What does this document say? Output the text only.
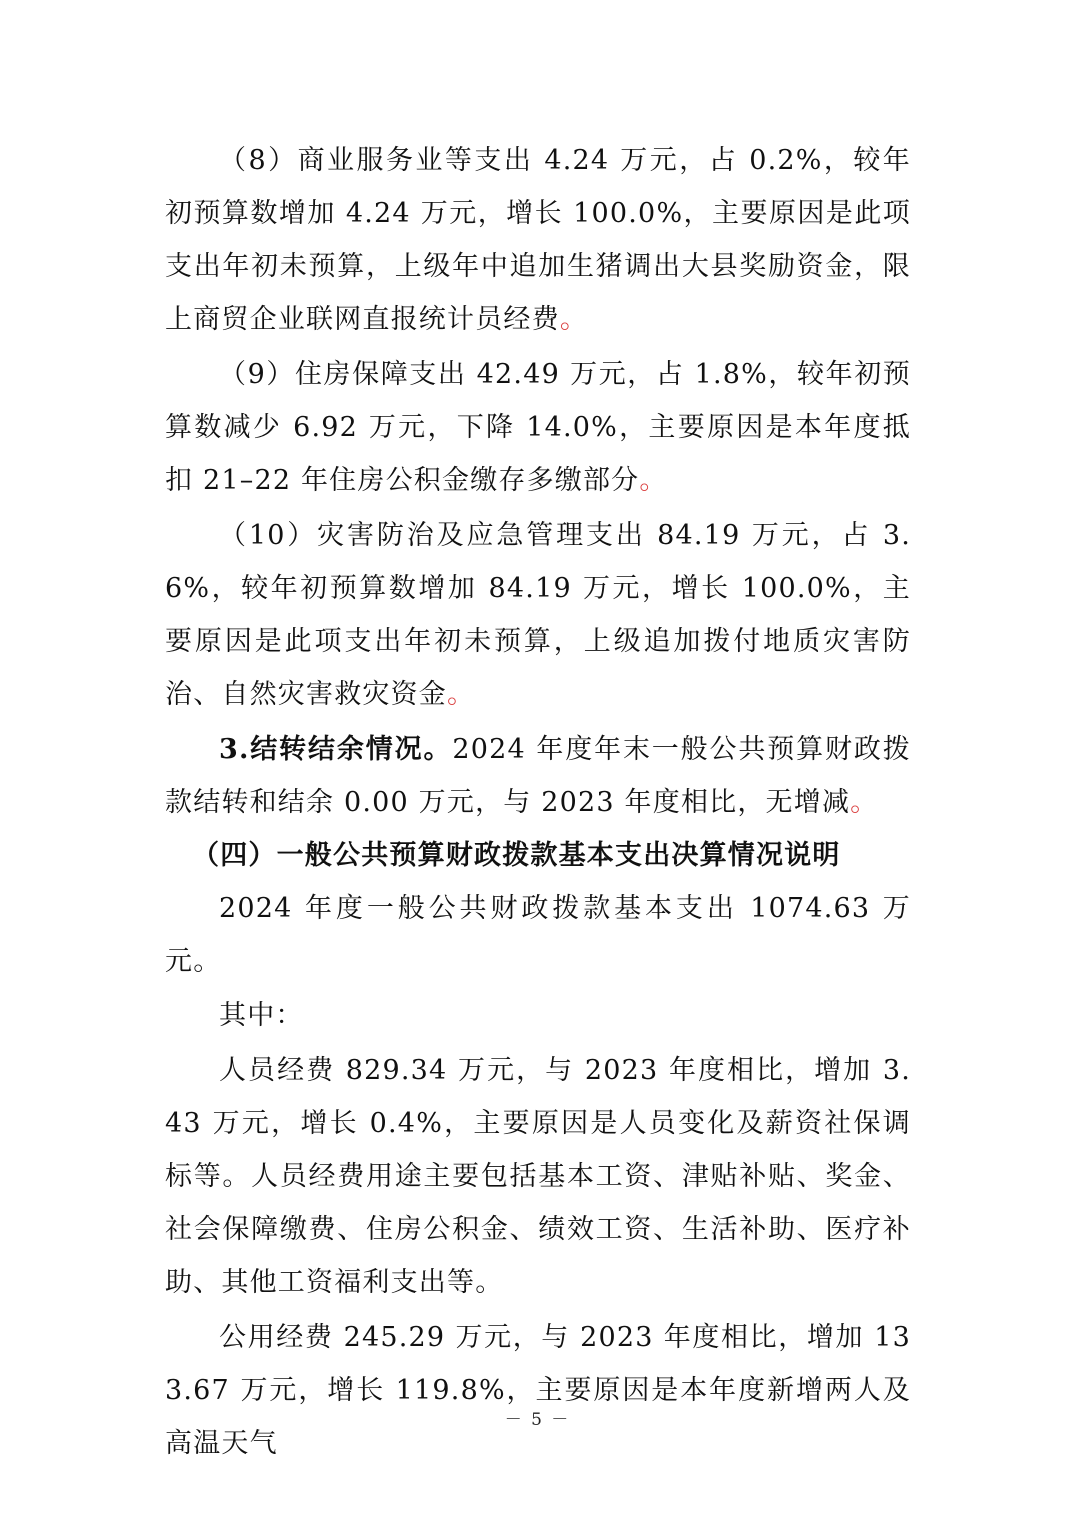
（8）商业服务业等支出 4.24 万元，占 0.2%，较年初预算数增加 4.24 万元，增长 100.0%，主要原因是此项支出年初未预算，上级年中追加生猪调出大县奖励资金，限上商贸企业联网直报统计员经费。

（9）住房保障支出 42.49 万元，占 1.8%，较年初预算数减少 6.92 万元，下降 14.0%，主要原因是本年度抵扣 21–22 年住房公积金缴存多缴部分。

（10）灾害防治及应急管理支出 84.19 万元，占 3.6%，较年初预算数增加 84.19 万元，增长 100.0%，主要原因是此项支出年初未预算，上级追加拨付地质灾害防治、自然灾害救灾资金。

3.结转结余情况。2024 年度年末一般公共预算财政拨款结转和结余 0.00 万元，与 2023 年度相比，无增减。

（四）一般公共预算财政拨款基本支出决算情况说明

2024 年度一般公共财政拨款基本支出 1074.63 万元。

其中：

人员经费 829.34 万元，与 2023 年度相比，增加 3.43 万元，增长 0.4%，主要原因是人员变化及薪资社保调标等。人员经费用途主要包括基本工资、津贴补贴、奖金、社会保障缴费、住房公积金、绩效工资、生活补助、医疗补助、其他工资福利支出等。

公用经费 245.29 万元，与 2023 年度相比，增加 133.67 万元，增长 119.8%，主要原因是本年度新增两人及高温天气

－ 5 －
